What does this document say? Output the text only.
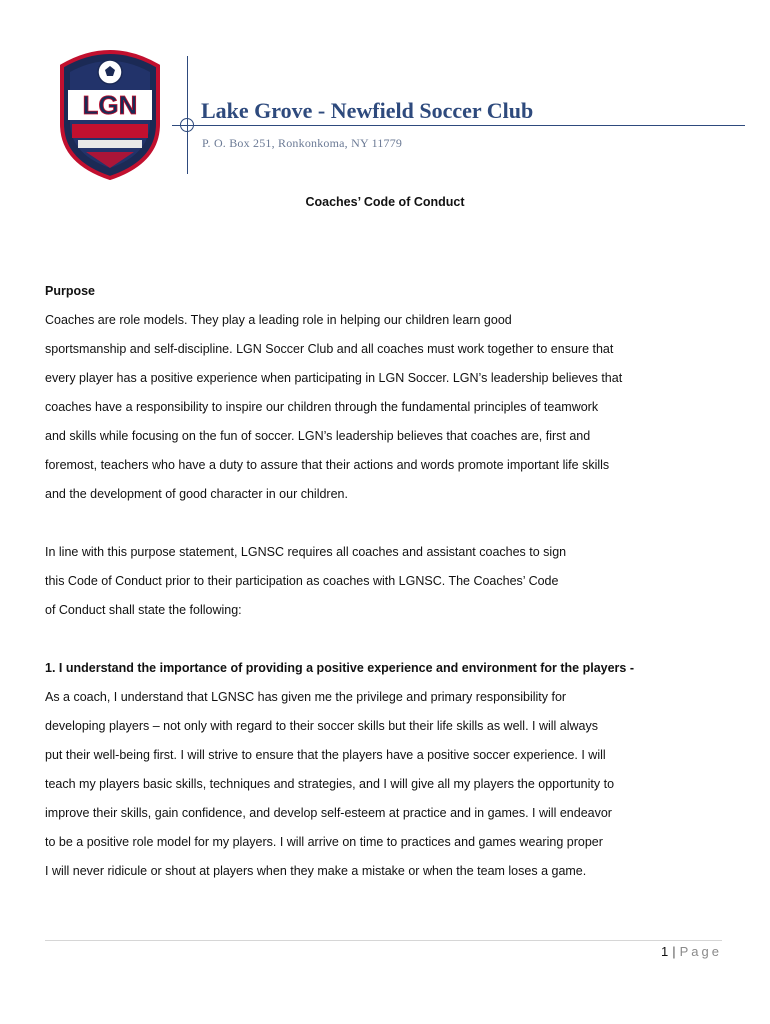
LGN	Lake Grove - Newfield Soccer Club
P. O. Box 251, Ronkonkoma, NY 11779
Coaches’ Code of Conduct

Purpose

Coaches are role models. They play a leading role in helping our children learn good

sportsmanship and self-discipline. LGN Soccer Club and all coaches must work together to ensure that

every player has a positive experience when participating in LGN Soccer. LGN’s leadership believes that

coaches have a responsibility to inspire our children through the fundamental principles of teamwork

and skills while focusing on the fun of soccer. LGN’s leadership believes that coaches are, first and

foremost, teachers who have a duty to assure that their actions and words promote important life skills

and the development of good character in our children.

In line with this purpose statement, LGNSC requires all coaches and assistant coaches to sign

this Code of Conduct prior to their participation as coaches with LGNSC. The Coaches’ Code

of Conduct shall state the following:

1. I understand the importance of providing a positive experience and environment for the players -

As a coach, I understand that LGNSC has given me the privilege and primary responsibility for

developing players – not only with regard to their soccer skills but their life skills as well. I will always

put their well-being first. I will strive to ensure that the players have a positive soccer experience. I will

teach my players basic skills, techniques and strategies, and I will give all my players the opportunity to

improve their skills, gain confidence, and develop self-esteem at practice and in games. I will endeavor

to be a positive role model for my players. I will arrive on time to practices and games wearing proper

I will never ridicule or shout at players when they make a mistake or when the team loses a game.

1 | Page
